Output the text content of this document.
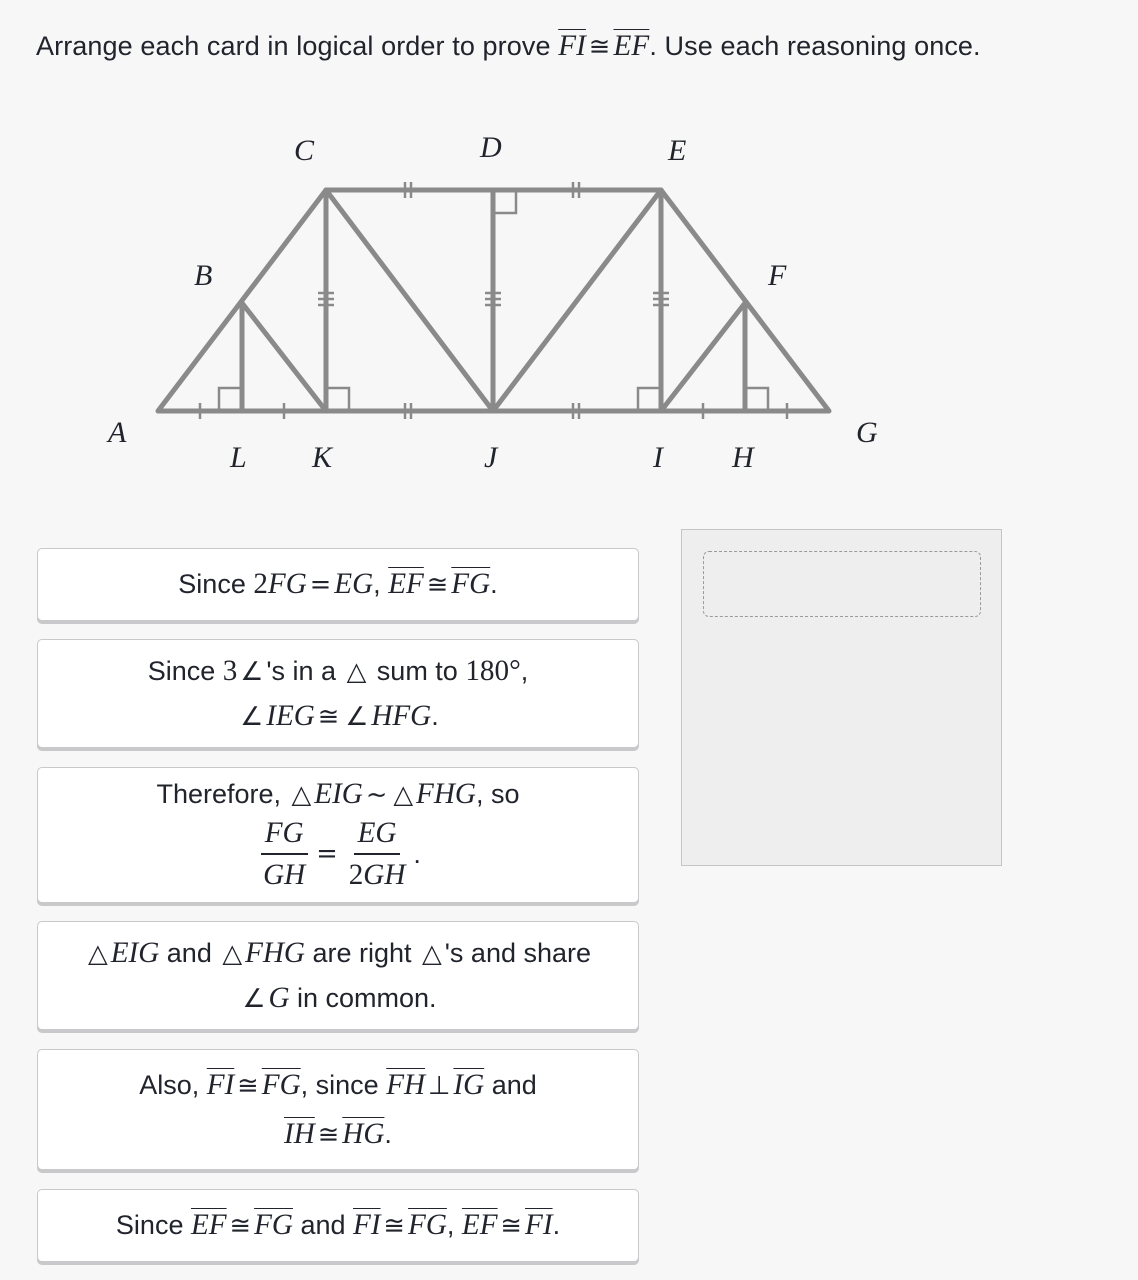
Arrange each card in logical order to prove $\overline{FI}$ ≅ $\overline{EF}$. Use each reasoning once.
A
B
C	D	E
F
G
H
I
J
K
L
Since 2FG = EG, $\overline{EF}$ ≅ $\overline{FG}$.
Since 3 ∠ 's in a △ sum to 180°,
∠ IEG ≅ ∠ HFG.
Therefore, △ EIG ∼ △ FHG, so
$\frac{FG}{GH} = \frac{EG}{2GH}$ .
△ EIG and △ FHG are right △ 's and share
∠ G in common.
Also, $\overline{FI}$ ≅ $\overline{FG}$, since $\overline{FH}$ ⊥ $\overline{IG}$ and
$\overline{IH}$ ≅ $\overline{HG}$.
Since $\overline{EF}$ ≅ $\overline{FG}$ and $\overline{FI}$ ≅ $\overline{FG}$, $\overline{EF}$ ≅ $\overline{FI}$.
